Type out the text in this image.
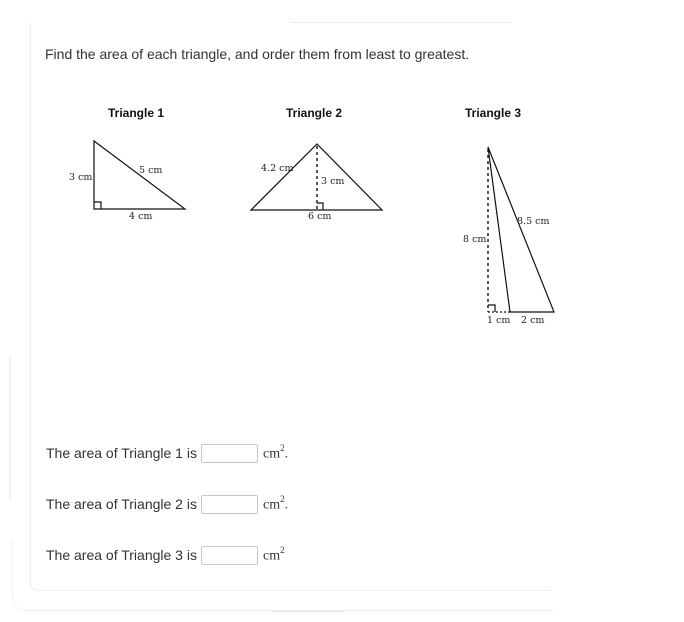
Find the area of each triangle, and order them from least to greatest.
Triangle 1
3 cm
5 cm
4 cm
Triangle 2
4.2 cm
3 cm
6 cm
Triangle 3
8 cm
8.5 cm
1 cm 2 cm
The area of Triangle 1 is	$cm^2$.
The area of Triangle 2 is	$cm^2$.
The area of Triangle 3 is	$cm^2$
